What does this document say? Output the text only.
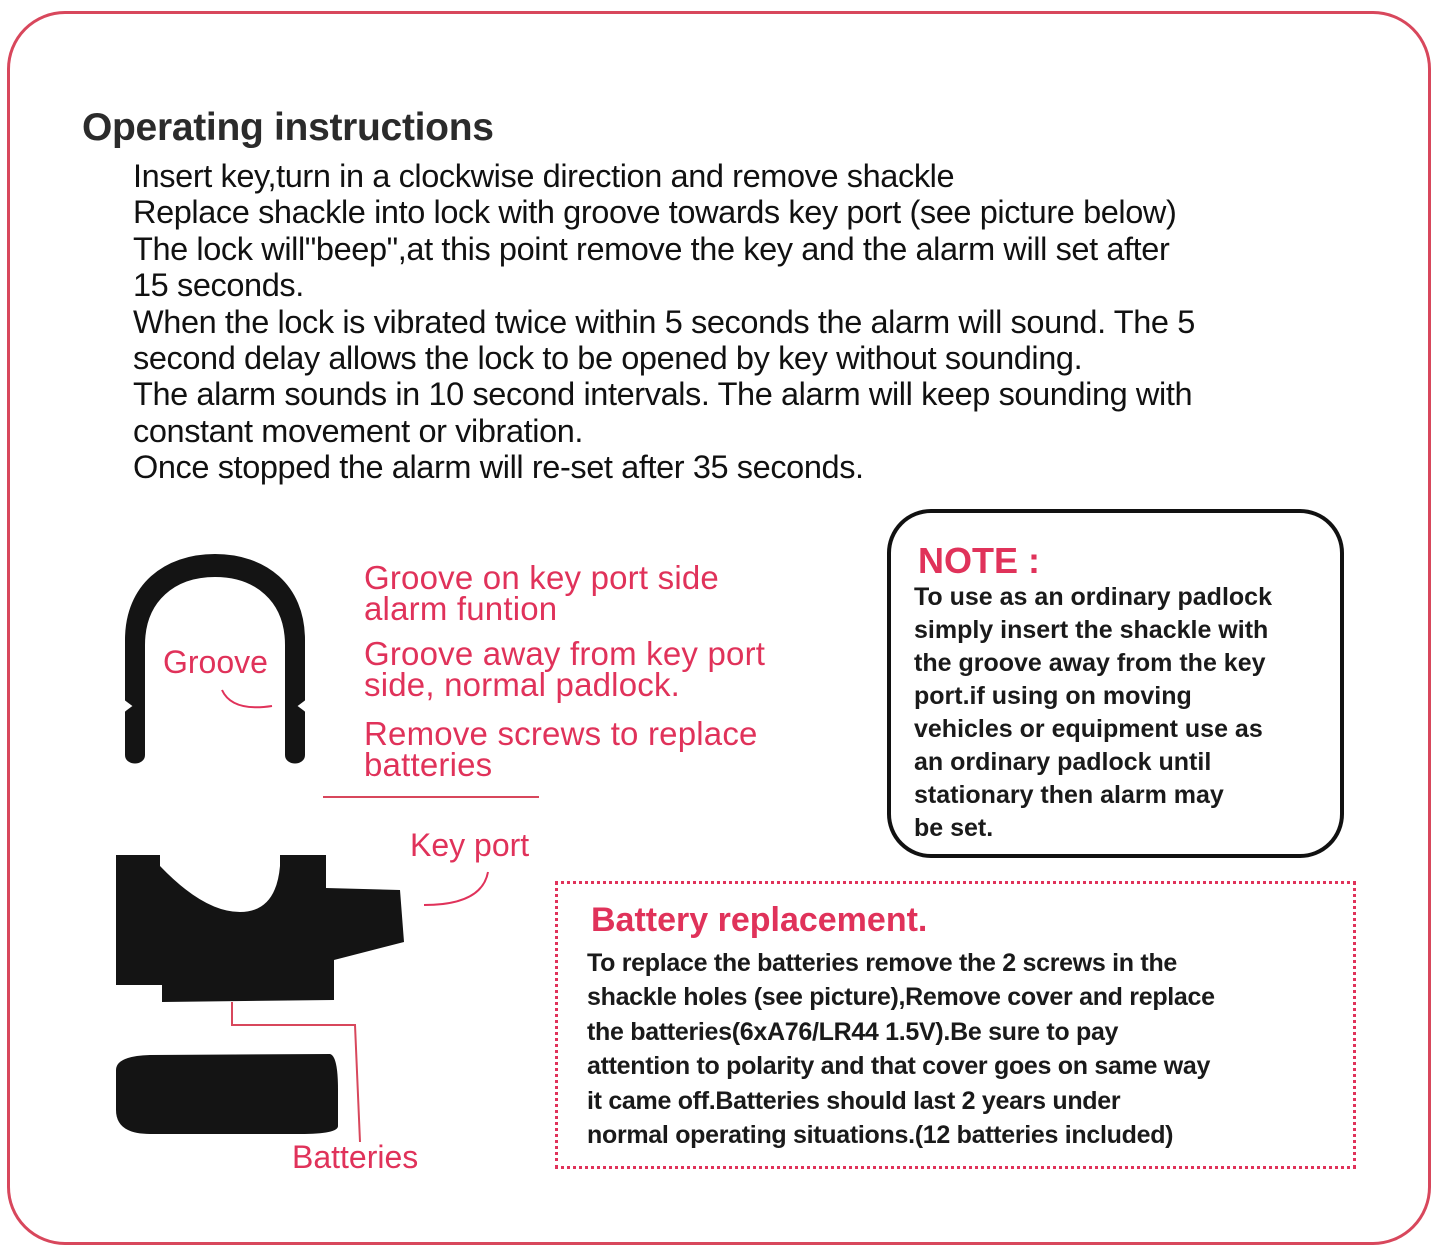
Operating instructions
Insert key,turn in a clockwise direction and remove shackle
Replace shackle into lock with groove towards key port (see picture below)
The lock will"beep",at this point remove the key and the alarm will set after
15 seconds.
When the lock is vibrated twice within 5 seconds the alarm will sound. The 5
second delay allows the lock to be opened by key without sounding.
The alarm sounds in 10 second intervals. The alarm will keep sounding with
constant movement or vibration.
Once stopped the alarm will re-set after 35 seconds.
Groove
Key port
Batteries
Groove on key port side
alarm funtion
Groove away from key port
side, normal padlock.
Remove screws to replace
batteries
NOTE :
To use as an ordinary padlock
simply insert the shackle with
the groove away from the key
port.if using on moving
vehicles or equipment use as
an ordinary padlock until
stationary then alarm may
be set.
Battery replacement.
To replace the batteries remove the 2 screws in the
shackle holes (see picture),Remove cover and replace
the batteries(6xA76/LR44 1.5V).Be sure to pay
attention to polarity and that cover goes on same way
it came off.Batteries should last 2 years under
normal operating situations.(12 batteries included)
